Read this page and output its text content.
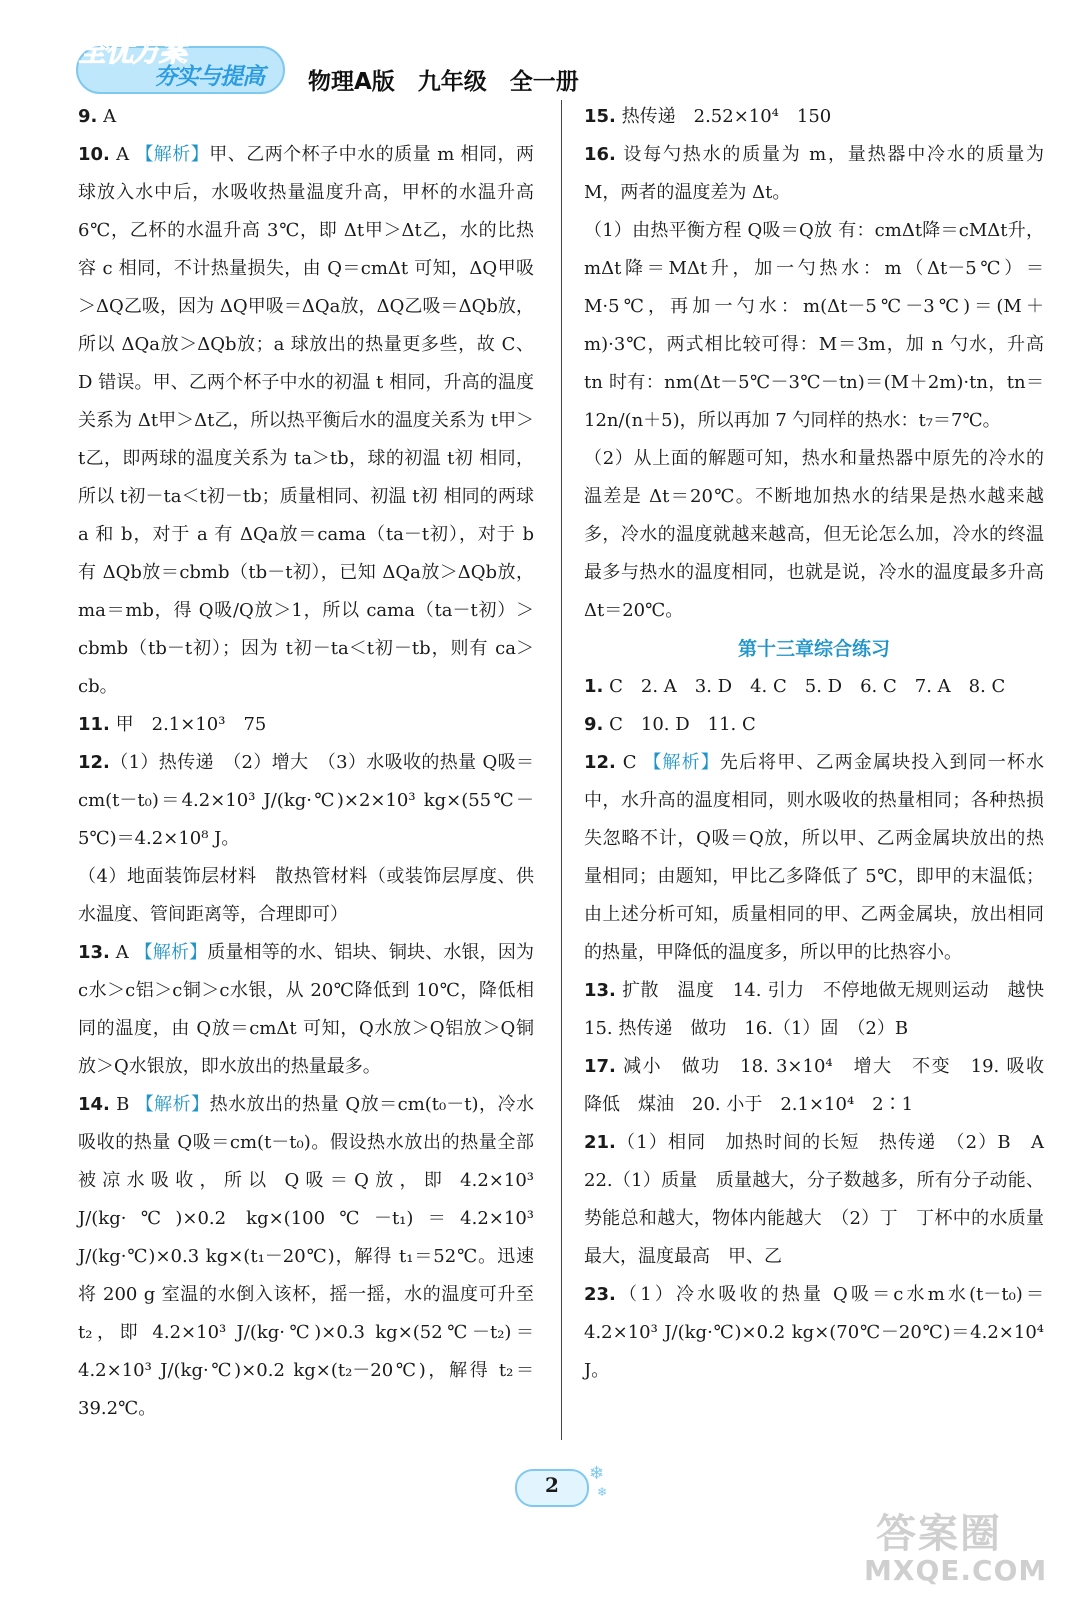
全优方案
夯实与提高 物理A版　九年级　全一册

9. A

10. A 【解析】甲、乙两个杯子中水的质量 m 相同，两球放入水中后，水吸收热量温度升高，甲杯的水温升高 6℃，乙杯的水温升高 3℃，即 Δt甲＞Δt乙，水的比热容 c 相同，不计热量损失，由 Q＝cmΔt 可知，ΔQ甲吸＞ΔQ乙吸，因为 ΔQ甲吸＝ΔQa放，ΔQ乙吸＝ΔQb放，所以 ΔQa放＞ΔQb放；a 球放出的热量更多些，故 C、D 错误。甲、乙两个杯子中水的初温 t 相同，升高的温度关系为 Δt甲＞Δt乙，所以热平衡后水的温度关系为 t甲＞t乙，即两球的温度关系为 ta＞tb，球的初温 t初 相同，所以 t初－ta＜t初－tb；质量相同、初温 t初 相同的两球 a 和 b，对于 a 有 ΔQa放＝cama（ta－t初），对于 b 有 ΔQb放＝cbmb（tb－t初），已知 ΔQa放＞ΔQb放，ma＝mb，得 Q吸/Q放＞1，所以 cama（ta－t初）＞cbmb（tb－t初）；因为 t初－ta＜t初－tb，则有 ca＞cb。

11. 甲　2.1×10³　75

12.（1）热传递　（2）增大　（3）水吸收的热量 Q吸＝cm(t－t₀)＝4.2×10³ J/(kg·℃)×2×10³ kg×(55℃－5℃)＝4.2×10⁸ J。

（4）地面装饰层材料　散热管材料（或装饰层厚度、供水温度、管间距离等，合理即可）

13. A 【解析】质量相等的水、铝块、铜块、水银，因为 c水＞c铝＞c铜＞c水银，从 20℃降低到 10℃，降低相同的温度，由 Q放＝cmΔt 可知，Q水放＞Q铝放＞Q铜放＞Q水银放，即水放出的热量最多。

14. B 【解析】热水放出的热量 Q放＝cm(t₀－t)，冷水吸收的热量 Q吸＝cm(t－t₀)。假设热水放出的热量全部被凉水吸收，所以 Q吸＝Q放，即 4.2×10³ J/(kg·℃)×0.2 kg×(100℃－t₁)＝4.2×10³ J/(kg·℃)×0.3 kg×(t₁－20℃)，解得 t₁＝52℃。迅速将 200 g 室温的水倒入该杯，摇一摇，水的温度可升至 t₂，即 4.2×10³ J/(kg·℃)×0.3 kg×(52℃－t₂)＝4.2×10³ J/(kg·℃)×0.2 kg×(t₂－20℃)，解得 t₂＝39.2℃。

15. 热传递　2.52×10⁴　150

16. 设每勺热水的质量为 m，量热器中冷水的质量为 M，两者的温度差为 Δt。

（1）由热平衡方程 Q吸＝Q放 有：cmΔt降＝cMΔt升，mΔt降＝MΔt升，加一勺热水：m（Δt－5℃）＝M·5℃，再加一勺水：m(Δt－5℃－3℃)＝(M＋m)·3℃，两式相比较可得：M＝3m，加 n 勺水，升高 tn 时有：nm(Δt－5℃－3℃－tn)＝(M＋2m)·tn，tn＝12n/(n＋5)，所以再加 7 勺同样的热水：t₇＝7℃。

（2）从上面的解题可知，热水和量热器中原先的冷水的温差是 Δt＝20℃。不断地加热水的结果是热水越来越多，冷水的温度就越来越高，但无论怎么加，冷水的终温最多与热水的温度相同，也就是说，冷水的温度最多升高 Δt＝20℃。

第十三章综合练习

1. C　2. A　3. D　4. C　5. D　6. C　7. A　8. C

9. C　10. D　11. C

12. C 【解析】先后将甲、乙两金属块投入到同一杯水中，水升高的温度相同，则水吸收的热量相同；各种热损失忽略不计，Q吸＝Q放，所以甲、乙两金属块放出的热量相同；由题知，甲比乙多降低了 5℃，即甲的末温低；由上述分析可知，质量相同的甲、乙两金属块，放出相同的热量，甲降低的温度多，所以甲的比热容小。

13. 扩散　温度　14. 引力　不停地做无规则运动　越快　15. 热传递　做功　16.（1）固　（2）B

17. 减小　做功　18. 3×10⁴　增大　不变　19. 吸收　降低　煤油　20. 小于　2.1×10⁴　2∶1

21.（1）相同　加热时间的长短　热传递　（2）B　A　22.（1）质量　质量越大，分子数越多，所有分子动能、势能总和越大，物体内能越大　（2）丁　丁杯中的水质量最大，温度最高　甲、乙

23.（1）冷水吸收的热量 Q吸＝c水m水(t－t₀)＝4.2×10³ J/(kg·℃)×0.2 kg×(70℃－20℃)＝4.2×10⁴ J。

2	❄
❄
答案圈
MXQE.COM
